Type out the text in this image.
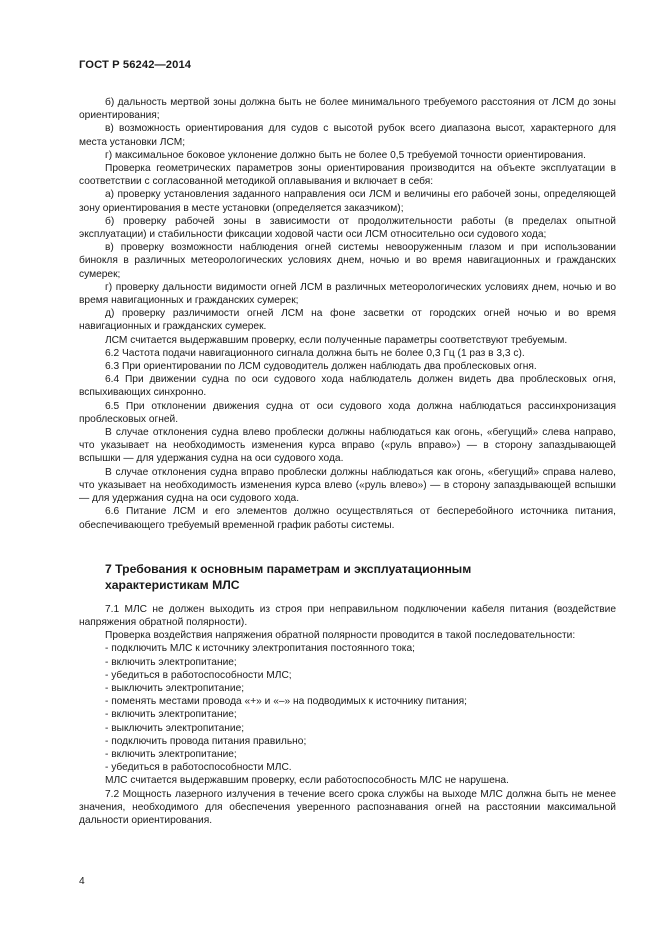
ГОСТ Р 56242—2014

б) дальность мертвой зоны должна быть не более минимального требуемого расстояния от ЛСМ до зоны ориентирования;

в) возможность ориентирования для судов с высотой рубок всего диапазона высот, характерного для места установки ЛСМ;

г) максимальное боковое уклонение должно быть не более 0,5 требуемой точности ориентирования.

Проверка геометрических параметров зоны ориентирования производится на объекте эксплуатации в соответствии с согласованной методикой оплавывания и включает в себя:

а) проверку установления заданного направления оси ЛСМ и величины его рабочей зоны, определяющей зону ориентирования в месте установки (определяется заказчиком);

б) проверку рабочей зоны в зависимости от продолжительности работы (в пределах опытной эксплуатации) и стабильности фиксации ходовой части оси ЛСМ относительно оси судового хода;

в) проверку возможности наблюдения огней системы невооруженным глазом и при использовании бинокля в различных метеорологических условиях днем, ночью и во время навигационных и гражданских сумерек;

г) проверку дальности видимости огней ЛСМ в различных метеорологических условиях днем, ночью и во время навигационных и гражданских сумерек;

д) проверку различимости огней ЛСМ на фоне засветки от городских огней ночью и во время навигационных и гражданских сумерек.

ЛСМ считается выдержавшим проверку, если полученные параметры соответствуют требуемым.

6.2 Частота подачи навигационного сигнала должна быть не более 0,3 Гц (1 раз в 3,3 с).

6.3 При ориентировании по ЛСМ судоводитель должен наблюдать два проблесковых огня.

6.4 При движении судна по оси судового хода наблюдатель должен видеть два проблесковых огня, вспыхивающих синхронно.

6.5 При отклонении движения судна от оси судового хода должна наблюдаться рассинхронизация проблесковых огней.

В случае отклонения судна влево проблески должны наблюдаться как огонь, «бегущий» слева направо, что указывает на необходимость изменения курса вправо («руль вправо») — в сторону запаздывающей вспышки — для удержания судна на оси судового хода.

В случае отклонения судна вправо проблески должны наблюдаться как огонь, «бегущий» справа налево, что указывает на необходимость изменения курса влево («руль влево») — в сторону запаздывающей вспышки — для удержания судна на оси судового хода.

6.6 Питание ЛСМ и его элементов должно осуществляться от бесперебойного источника питания, обеспечивающего требуемый временной график работы системы.

7 Требования к основным параметрам и эксплуатационным
характеристикам МЛС

7.1 МЛС не должен выходить из строя при неправильном подключении кабеля питания (воздействие напряжения обратной полярности).

Проверка воздействия напряжения обратной полярности проводится в такой последовательности:

- подключить МЛС к источнику электропитания постоянного тока;

- включить электропитание;

- убедиться в работоспособности МЛС;

- выключить электропитание;

- поменять местами провода «+» и «–» на подводимых к источнику питания;

- включить электропитание;

- выключить электропитание;

- подключить провода питания правильно;

- включить электропитание;

- убедиться в работоспособности МЛС.

МЛС считается выдержавшим проверку, если работоспособность МЛС не нарушена.

7.2 Мощность лазерного излучения в течение всего срока службы на выходе МЛС должна быть не менее значения, необходимого для обеспечения уверенного распознавания огней на расстоянии максимальной дальности ориентирования.

4
